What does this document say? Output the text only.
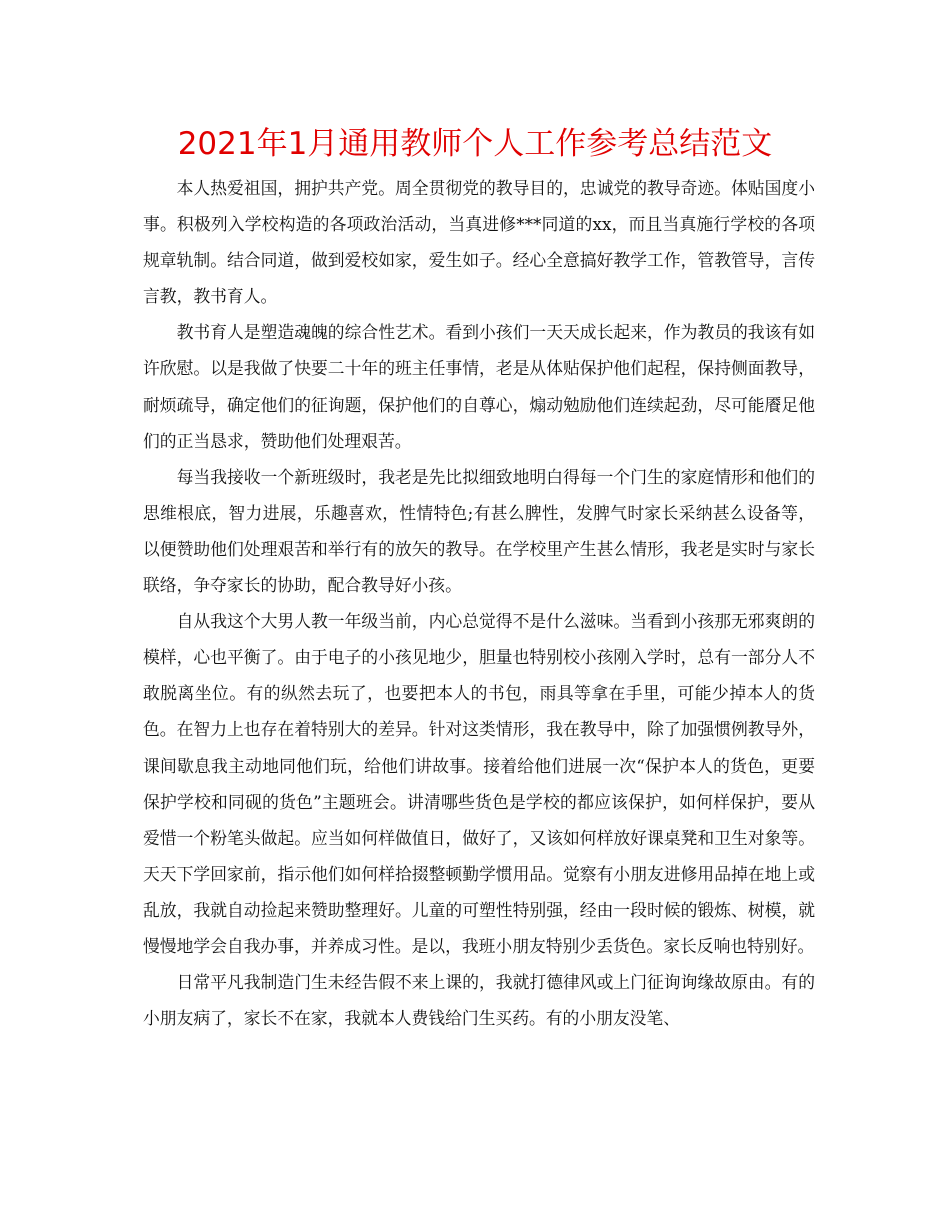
2021年1月通用教师个人工作参考总结范文

本人热爱祖国，拥护共产党。周全贯彻党的教导目的，忠诚党的教导奇迹。体贴国度小事。积极列入学校构造的各项政治活动，当真进修***同道的xx，而且当真施行学校的各项规章轨制。结合同道，做到爱校如家，爱生如子。经心全意搞好教学工作，管教管导，言传言教，教书育人。

教书育人是塑造魂魄的综合性艺术。看到小孩们一天天成长起来，作为教员的我该有如许欣慰。以是我做了快要二十年的班主任事情，老是从体贴保护他们起程，保持侧面教导，耐烦疏导，确定他们的征询题，保护他们的自尊心，煽动勉励他们连续起劲，尽可能餍足他们的正当恳求，赞助他们处理艰苦。

每当我接收一个新班级时，我老是先比拟细致地明白得每一个门生的家庭情形和他们的思维根底，智力进展，乐趣喜欢，性情特色;有甚么脾性，发脾气时家长采纳甚么设备等，以便赞助他们处理艰苦和举行有的放矢的教导。在学校里产生甚么情形，我老是实时与家长联络，争夺家长的协助，配合教导好小孩。

自从我这个大男人教一年级当前，内心总觉得不是什么滋味。当看到小孩那无邪爽朗的模样，心也平衡了。由于电子的小孩见地少，胆量也特别校小孩刚入学时，总有一部分人不敢脱离坐位。有的纵然去玩了，也要把本人的书包，雨具等拿在手里，可能少掉本人的货色。在智力上也存在着特别大的差异。针对这类情形，我在教导中，除了加强惯例教导外，课间歇息我主动地同他们玩，给他们讲故事。接着给他们进展一次“保护本人的货色，更要保护学校和同砚的货色”主题班会。讲清哪些货色是学校的都应该保护，如何样保护，要从爱惜一个粉笔头做起。应当如何样做值日，做好了，又该如何样放好课桌凳和卫生对象等。天天下学回家前，指示他们如何样拾掇整顿勤学惯用品。觉察有小朋友进修用品掉在地上或乱放，我就自动捡起来赞助整理好。儿童的可塑性特别强，经由一段时候的锻炼、树模，就慢慢地学会自我办事，并养成习性。是以，我班小朋友特别少丢货色。家长反响也特别好。

日常平凡我制造门生未经告假不来上课的，我就打德律风或上门征询询缘故原由。有的小朋友病了，家长不在家，我就本人费钱给门生买药。有的小朋友没笔、
